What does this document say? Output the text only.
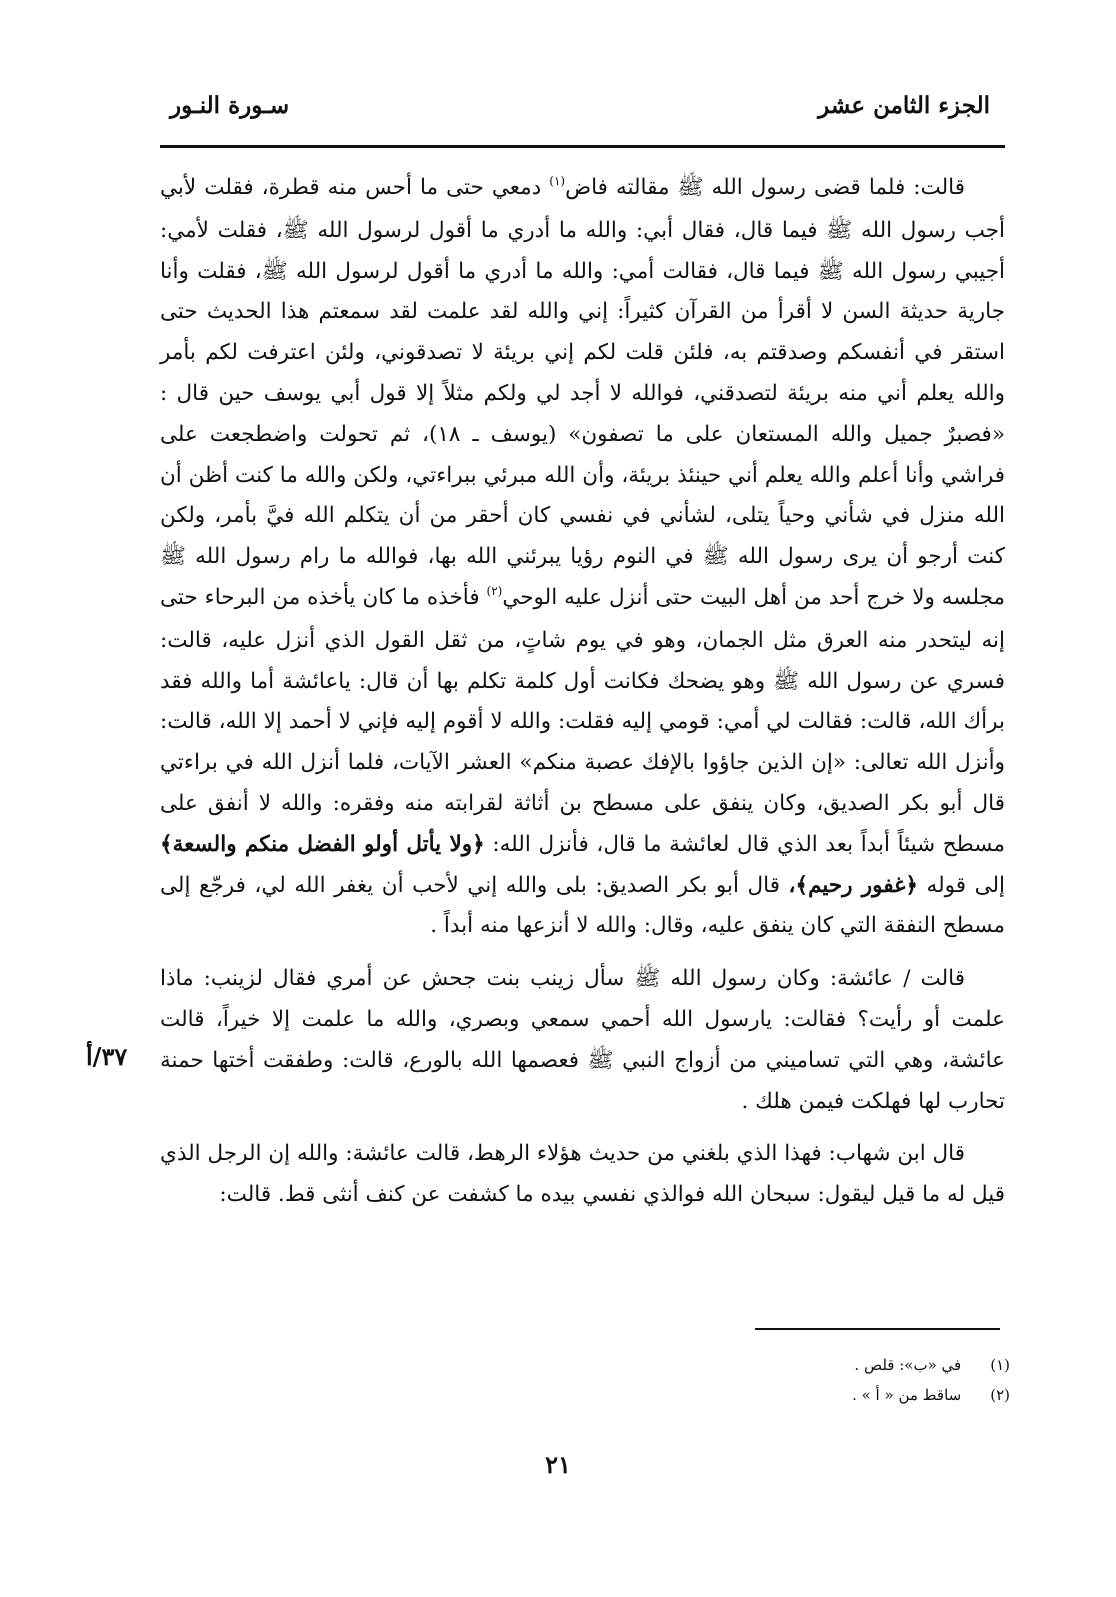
الجزء الثامن عشر
سـورة النـور

قالت: فلما قضى رسول الله ﷺ مقالته فاض$^{(١)}$ دمعي حتى ما أحس منه قطرة، فقلت لأبي أجب رسول الله ﷺ فيما قال، فقال أبي: والله ما أدري ما أقول لرسول الله ﷺ، فقلت لأمي: أجيبي رسول الله ﷺ فيما قال، فقالت أمي: والله ما أدري ما أقول لرسول الله ﷺ، فقلت وأنا جارية حديثة السن لا أقرأ من القرآن كثيراً: إني والله لقد علمت لقد سمعتم هذا الحديث حتى استقر في أنفسكم وصدقتم به، فلئن قلت لكم إني بريئة لا تصدقوني، ولئن اعترفت لكم بأمر والله يعلم أني منه بريئة لتصدقني، فوالله لا أجد لي ولكم مثلاً إلا قول أبي يوسف حين قال : «فصبرٌ جميل والله المستعان على ما تصفون» (يوسف ـ ١٨)، ثم تحولت واضطجعت على فراشي وأنا أعلم والله يعلم أني حينئذ بريئة، وأن الله مبرئي ببراءتي، ولكن والله ما كنت أظن أن الله منزل في شأني وحياً يتلى، لشأني في نفسي كان أحقر من أن يتكلم الله فيَّ بأمر، ولكن كنت أرجو أن يرى رسول الله ﷺ في النوم رؤيا يبرئني الله بها، فوالله ما رام رسول الله ﷺ مجلسه ولا خرج أحد من أهل البيت حتى أنزل عليه الوحي$^{(٢)}$ فأخذه ما كان يأخذه من البرحاء حتى إنه ليتحدر منه العرق مثل الجمان، وهو في يوم شاتٍ، من ثقل القول الذي أنزل عليه، قالت: فسري عن رسول الله ﷺ وهو يضحك فكانت أول كلمة تكلم بها أن قال: ياعائشة أما والله فقد برأك الله، قالت: فقالت لي أمي: قومي إليه فقلت: والله لا أقوم إليه فإني لا أحمد إلا الله، قالت: وأنزل الله تعالى: «إن الذين جاؤوا بالإفك عصبة منكم» العشر الآيات، فلما أنزل الله في براءتي قال أبو بكر الصديق، وكان ينفق على مسطح بن أثاثة لقرابته منه وفقره: والله لا أنفق على مسطح شيئاً أبداً بعد الذي قال لعائشة ما قال، فأنزل الله: ﴿ولا يأتل أولو الفضل منكم والسعة﴾ إلى قوله ﴿غفور رحيم﴾، قال أبو بكر الصديق: بلى والله إني لأحب أن يغفر الله لي، فرجّع إلى مسطح النفقة التي كان ينفق عليه، وقال: والله لا أنزعها منه أبداً .

قالت / عائشة: وكان رسول الله ﷺ سأل زينب بنت جحش عن أمري فقال لزينب: ماذا علمت أو رأيت؟ فقالت: يارسول الله أحمي سمعي وبصري، والله ما علمت إلا خيراً، قالت عائشة، وهي التي تساميني من أزواج النبي ﷺ فعصمها الله بالورع، قالت: وطفقت أختها حمنة تحارب لها فهلكت فيمن هلك .

قال ابن شهاب: فهذا الذي بلغني من حديث هؤلاء الرهط، قالت عائشة: والله إن الرجل الذي قيل له ما قيل ليقول: سبحان الله فوالذي نفسي بيده ما كشفت عن كنف أنثى قط. قالت:

٣٧/أ
(١) في «ب»: قلص .
(٢) ساقط من « أ » .
٢١
